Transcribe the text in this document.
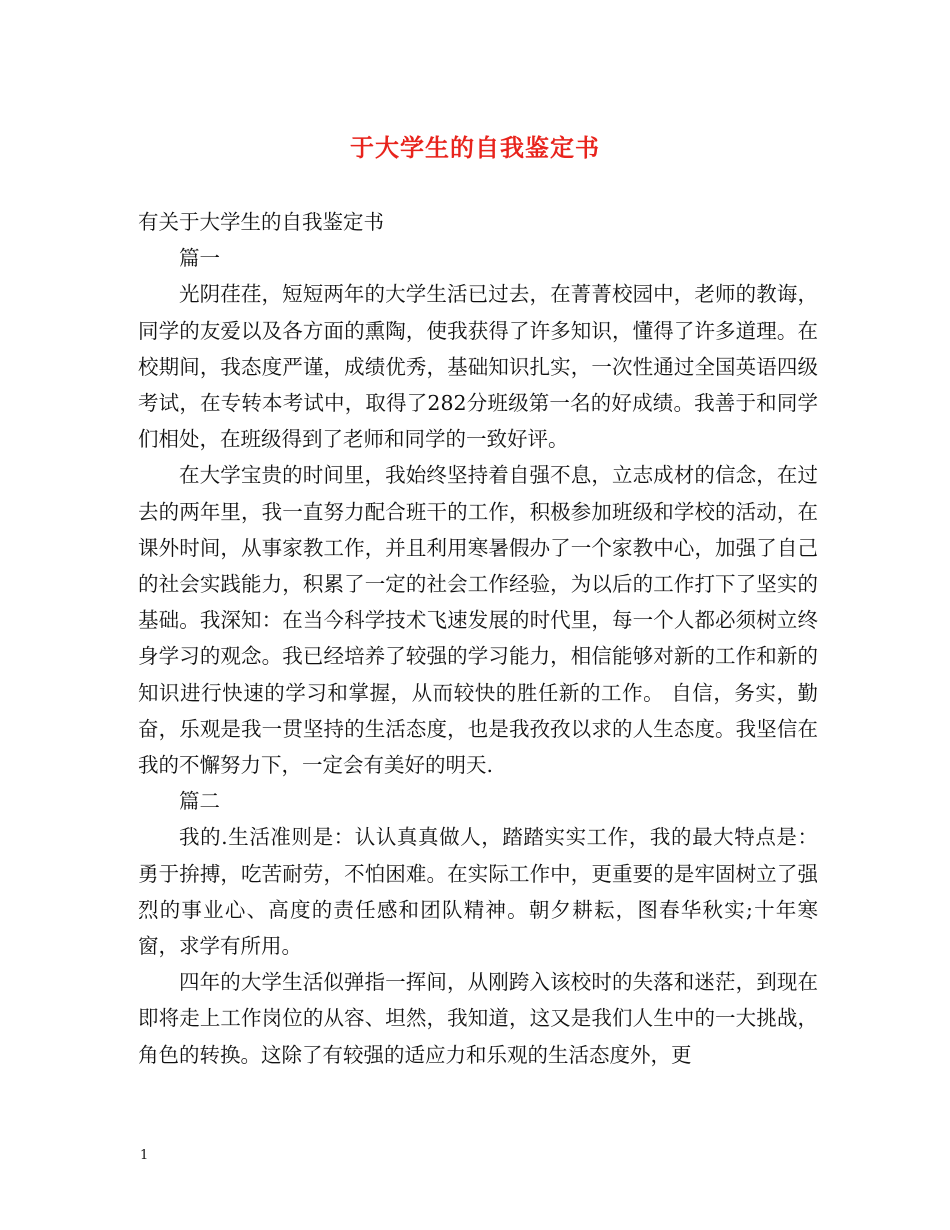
于大学生的自我鉴定书

有关于大学生的自我鉴定书

篇一

光阴荏荏，短短两年的大学生活已过去，在菁菁校园中，老师的教诲，同学的友爱以及各方面的熏陶，使我获得了许多知识，懂得了许多道理。在校期间，我态度严谨，成绩优秀，基础知识扎实，一次性通过全国英语四级考试，在专转本考试中，取得了282分班级第一名的好成绩。我善于和同学们相处，在班级得到了老师和同学的一致好评。

在大学宝贵的时间里，我始终坚持着自强不息，立志成材的信念，在过去的两年里，我一直努力配合班干的工作，积极参加班级和学校的活动，在课外时间，从事家教工作，并且利用寒暑假办了一个家教中心，加强了自己的社会实践能力，积累了一定的社会工作经验，为以后的工作打下了坚实的基础。我深知：在当今科学技术飞速发展的时代里，每一个人都必须树立终身学习的观念。我已经培养了较强的学习能力，相信能够对新的工作和新的知识进行快速的学习和掌握，从而较快的胜任新的工作。 自信，务实，勤奋，乐观是我一贯坚持的生活态度，也是我孜孜以求的人生态度。我坚信在我的不懈努力下，一定会有美好的明天.

篇二

我的.生活准则是：认认真真做人，踏踏实实工作，我的最大特点是：勇于拚搏，吃苦耐劳，不怕困难。在实际工作中，更重要的是牢固树立了强烈的事业心、高度的责任感和团队精神。朝夕耕耘，图春华秋实;十年寒窗，求学有所用。

四年的大学生活似弹指一挥间，从刚跨入该校时的失落和迷茫，到现在即将走上工作岗位的从容、坦然，我知道，这又是我们人生中的一大挑战，角色的转换。这除了有较强的适应力和乐观的生活态度外，更

1
